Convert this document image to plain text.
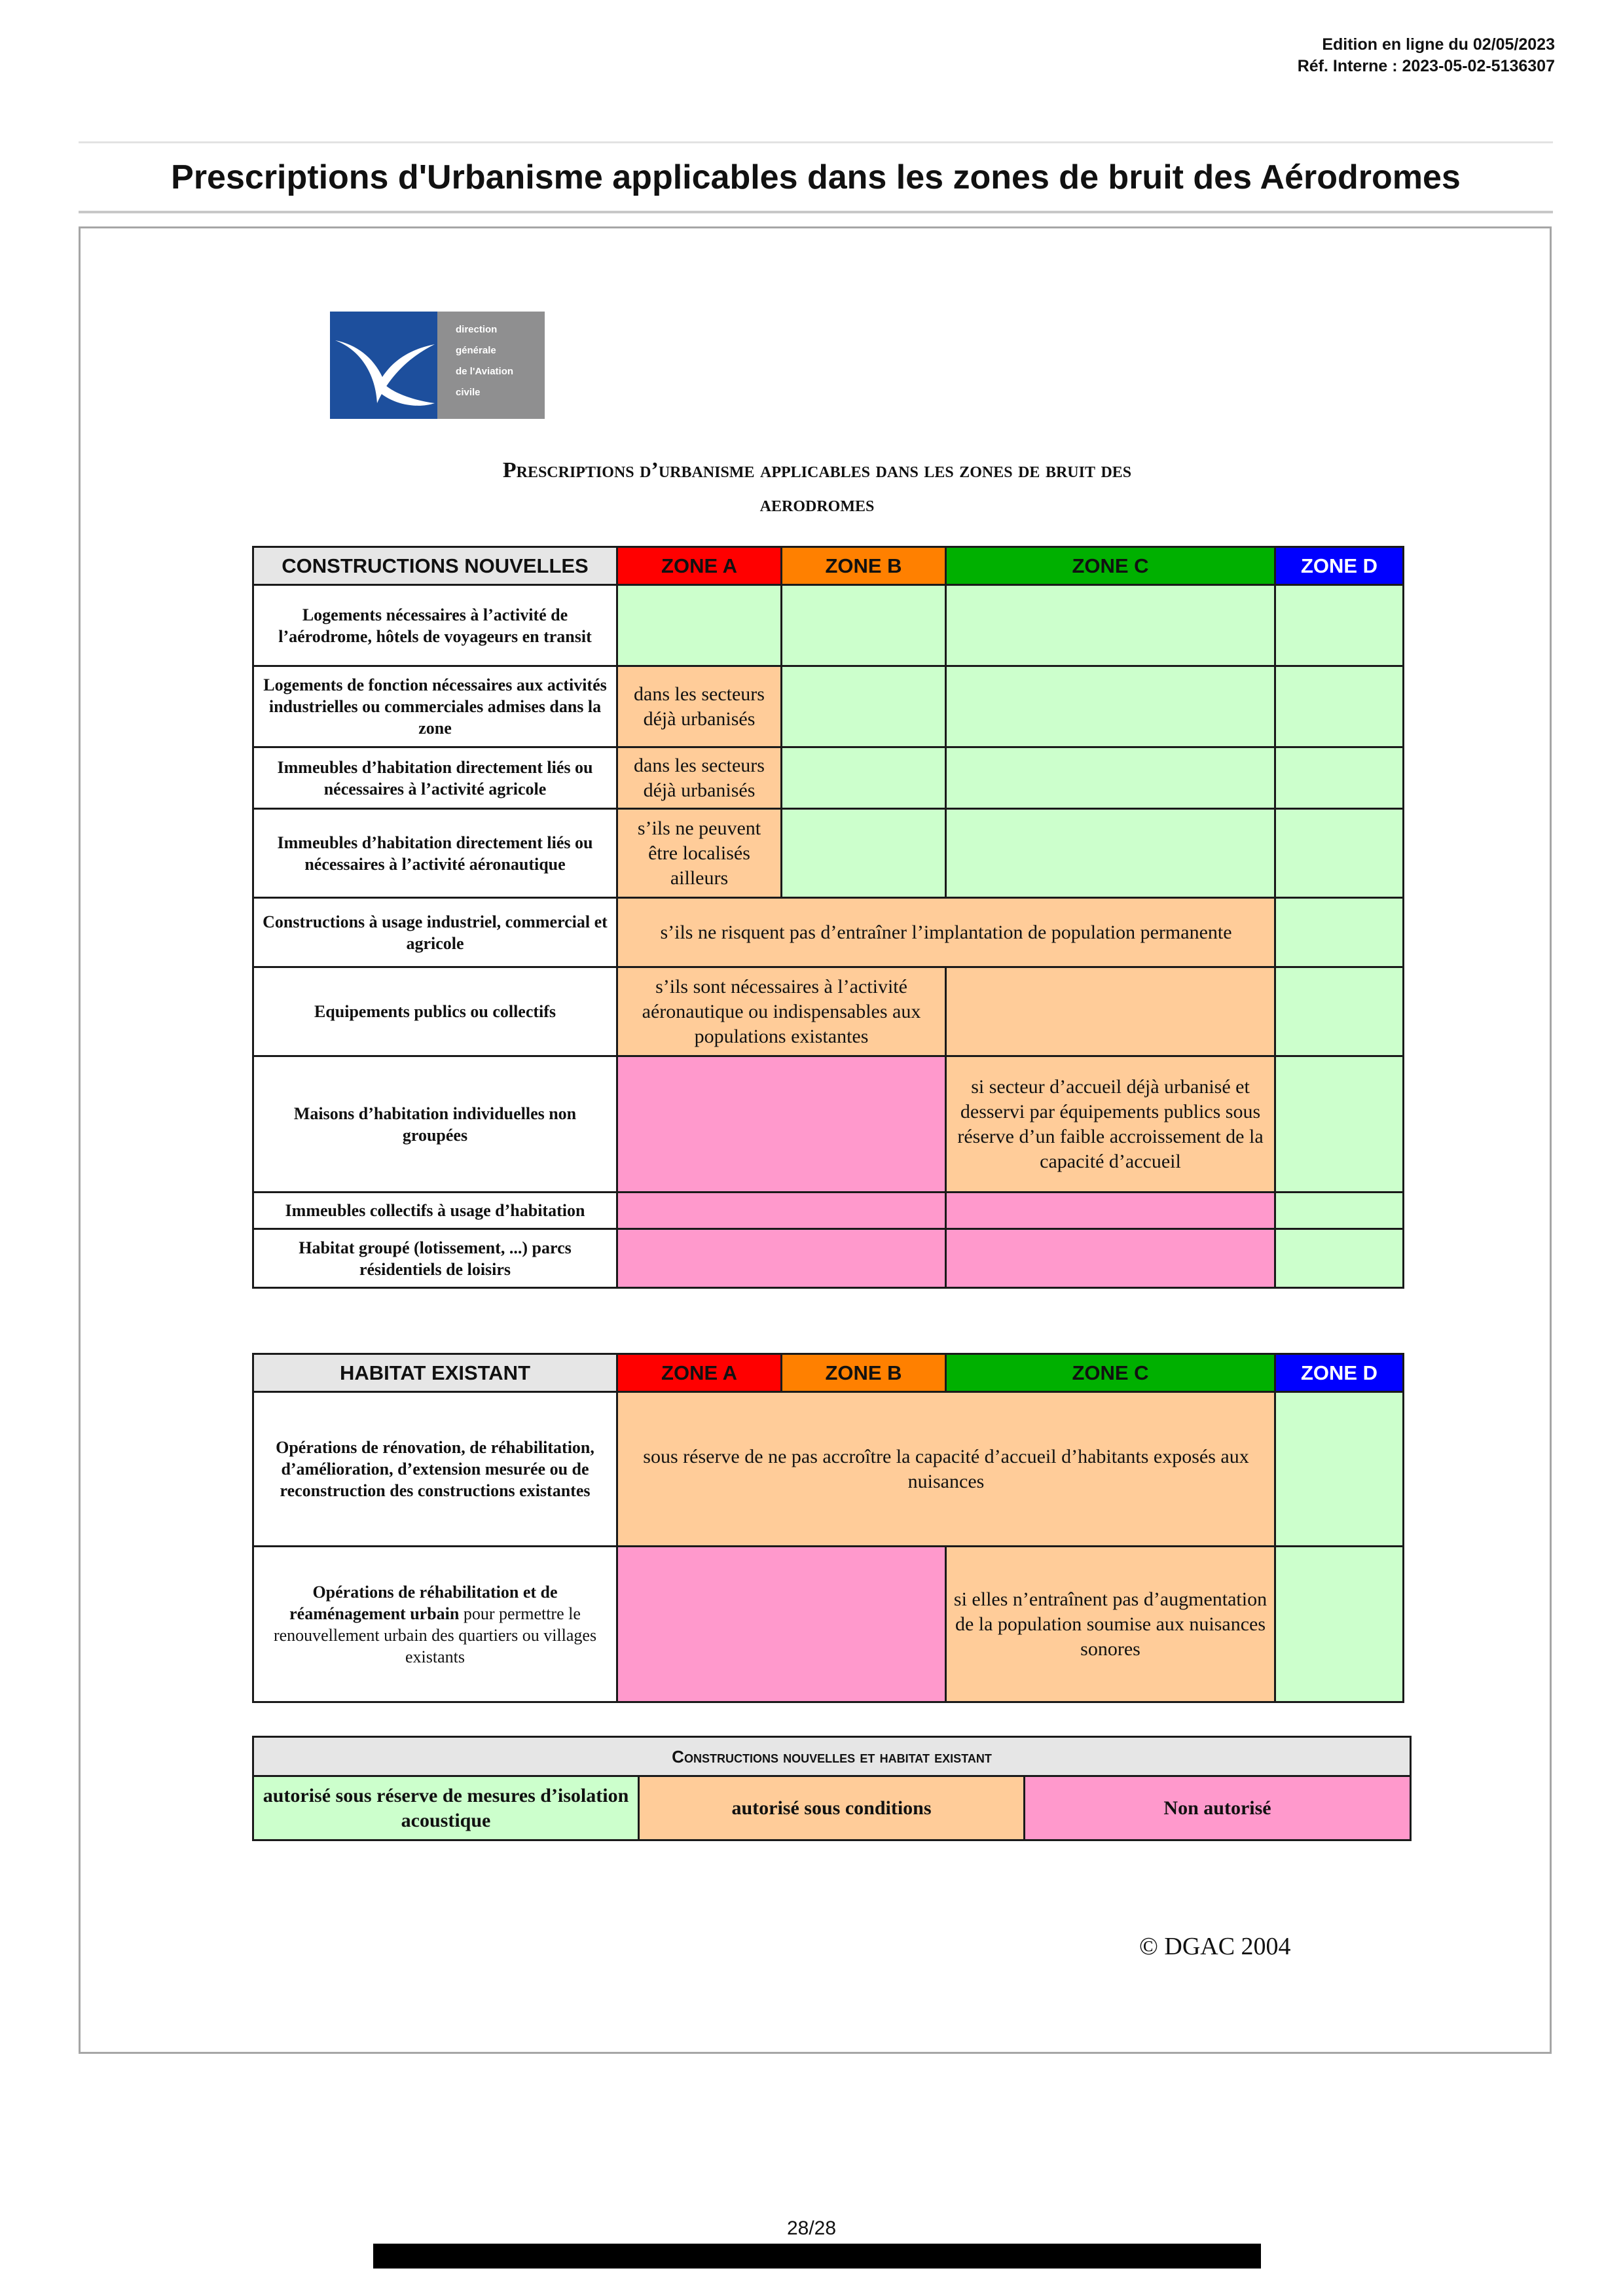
Edition en ligne du 02/05/2023
Réf. Interne : 2023-05-02-5136307
Prescriptions d'Urbanisme applicables dans les zones de bruit des Aérodromes
direction
générale
de l'Aviation
civile
Prescriptions d’urbanisme applicables dans les zones de bruit des
aerodromes
CONSTRUCTIONS NOUVELLES	ZONE A	ZONE B	ZONE C	ZONE D
Logements nécessaires à l’activité de l’aérodrome, hôtels de voyageurs en transit				
Logements de fonction nécessaires aux activités industrielles ou commerciales admises dans la zone	dans les secteurs déjà urbanisés			
Immeubles d’habitation directement liés ou nécessaires à l’activité agricole	dans les secteurs déjà urbanisés			
Immeubles d’habitation directement liés ou nécessaires à l’activité aéronautique	s’ils ne peuvent être localisés ailleurs			
Constructions à usage industriel, commercial et agricole	s’ils ne risquent pas d’entraîner l’implantation de population permanente			
Equipements publics ou collectifs	s’ils sont nécessaires à l’activité aéronautique ou indispensables aux populations existantes			
Maisons d’habitation individuelles non groupées			si secteur d’accueil déjà urbanisé et desservi par équipements publics sous réserve d’un faible accroissement de la capacité d’accueil	
Immeubles collectifs à usage d’habitation				
Habitat groupé (lotissement, ...) parcs résidentiels de loisirs				
HABITAT EXISTANT	ZONE A	ZONE B	ZONE C	ZONE D
Opérations de rénovation, de réhabilitation, d’amélioration, d’extension mesurée ou de reconstruction des constructions existantes	sous réserve de ne pas accroître la capacité d’accueil d’habitants exposés aux nuisances			
Opérations de réhabilitation et de réaménagement urbain pour permettre le renouvellement urbain des quartiers ou villages existants			si elles n’entraînent pas d’augmentation de la population soumise aux nuisances sonores	
Constructions nouvelles et habitat existant
autorisé sous réserve de mesures d’isolation acoustique	autorisé sous conditions	Non autorisé
© DGAC 2004
28/28
